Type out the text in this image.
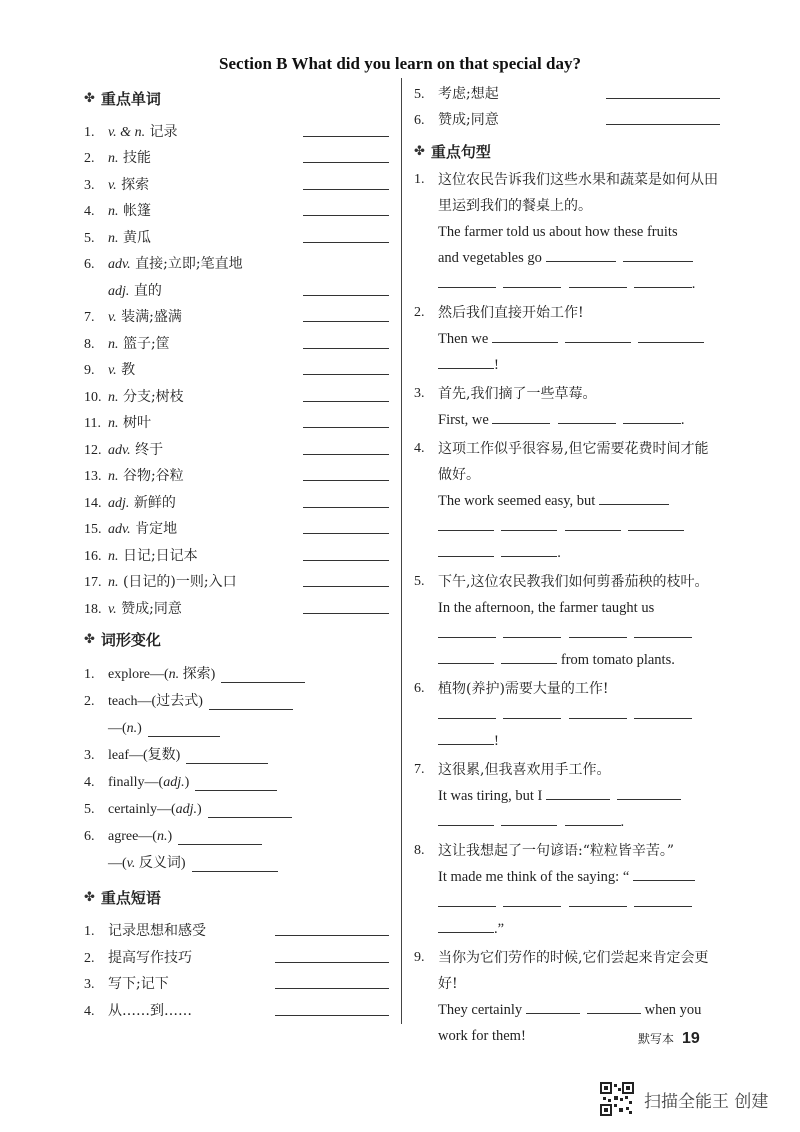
Section B What did you learn on that special day?
✤ 重点单词
1. v. & n. 记录
2. n. 技能
3. v. 探索
4. n. 帐篷
5. n. 黄瓜
6. adv. 直接;立即;笔直地
adj. 直的
7. v. 装满;盛满
8. n. 篮子;筐
9. v. 教
10. n. 分支;树枝
11. n. 树叶
12. adv. 终于
13. n. 谷物;谷粒
14. adj. 新鲜的
15. adv. 肯定地
16. n. 日记;日记本
17. n. (日记的)一则;入口
18. v. 赞成;同意
✤ 词形变化
1. explore—(n. 探索)
2. teach—(过去式)
—(n.)
3. leaf—(复数)
4. finally—(adj.)
5. certainly—(adj.)
6. agree—(n.)
—(v. 反义词)
✤ 重点短语
1. 记录思想和感受
2. 提高写作技巧
3. 写下;记下
4. 从……到……
5. 考虑;想起
6. 赞成;同意
✤ 重点句型
1. 这位农民告诉我们这些水果和蔬菜是如何从田里运到我们的餐桌上的。
The farmer told us about how these fruits
and vegetables go
.
2. 然后我们直接开始工作!
Then we
!
3. 首先,我们摘了一些草莓。
First, we	.
4. 这项工作似乎很容易,但它需要花费时间才能做好。
The work seemed easy, but

.
5. 下午,这位农民教我们如何剪番茄秧的枝叶。
In the afternoon, the farmer taught us

from tomato plants.
6. 植物(养护)需要大量的工作!

!
7. 这很累,但我喜欢用手工作。
It was tiring, but I
.
8. 这让我想起了一句谚语:“粒粒皆辛苦。”
It made me think of the saying: “

.”
9. 当你为它们劳作的时候,它们尝起来肯定会更好!
They certainly	when you
work for them!	默写本 19
扫描全能王 创建
